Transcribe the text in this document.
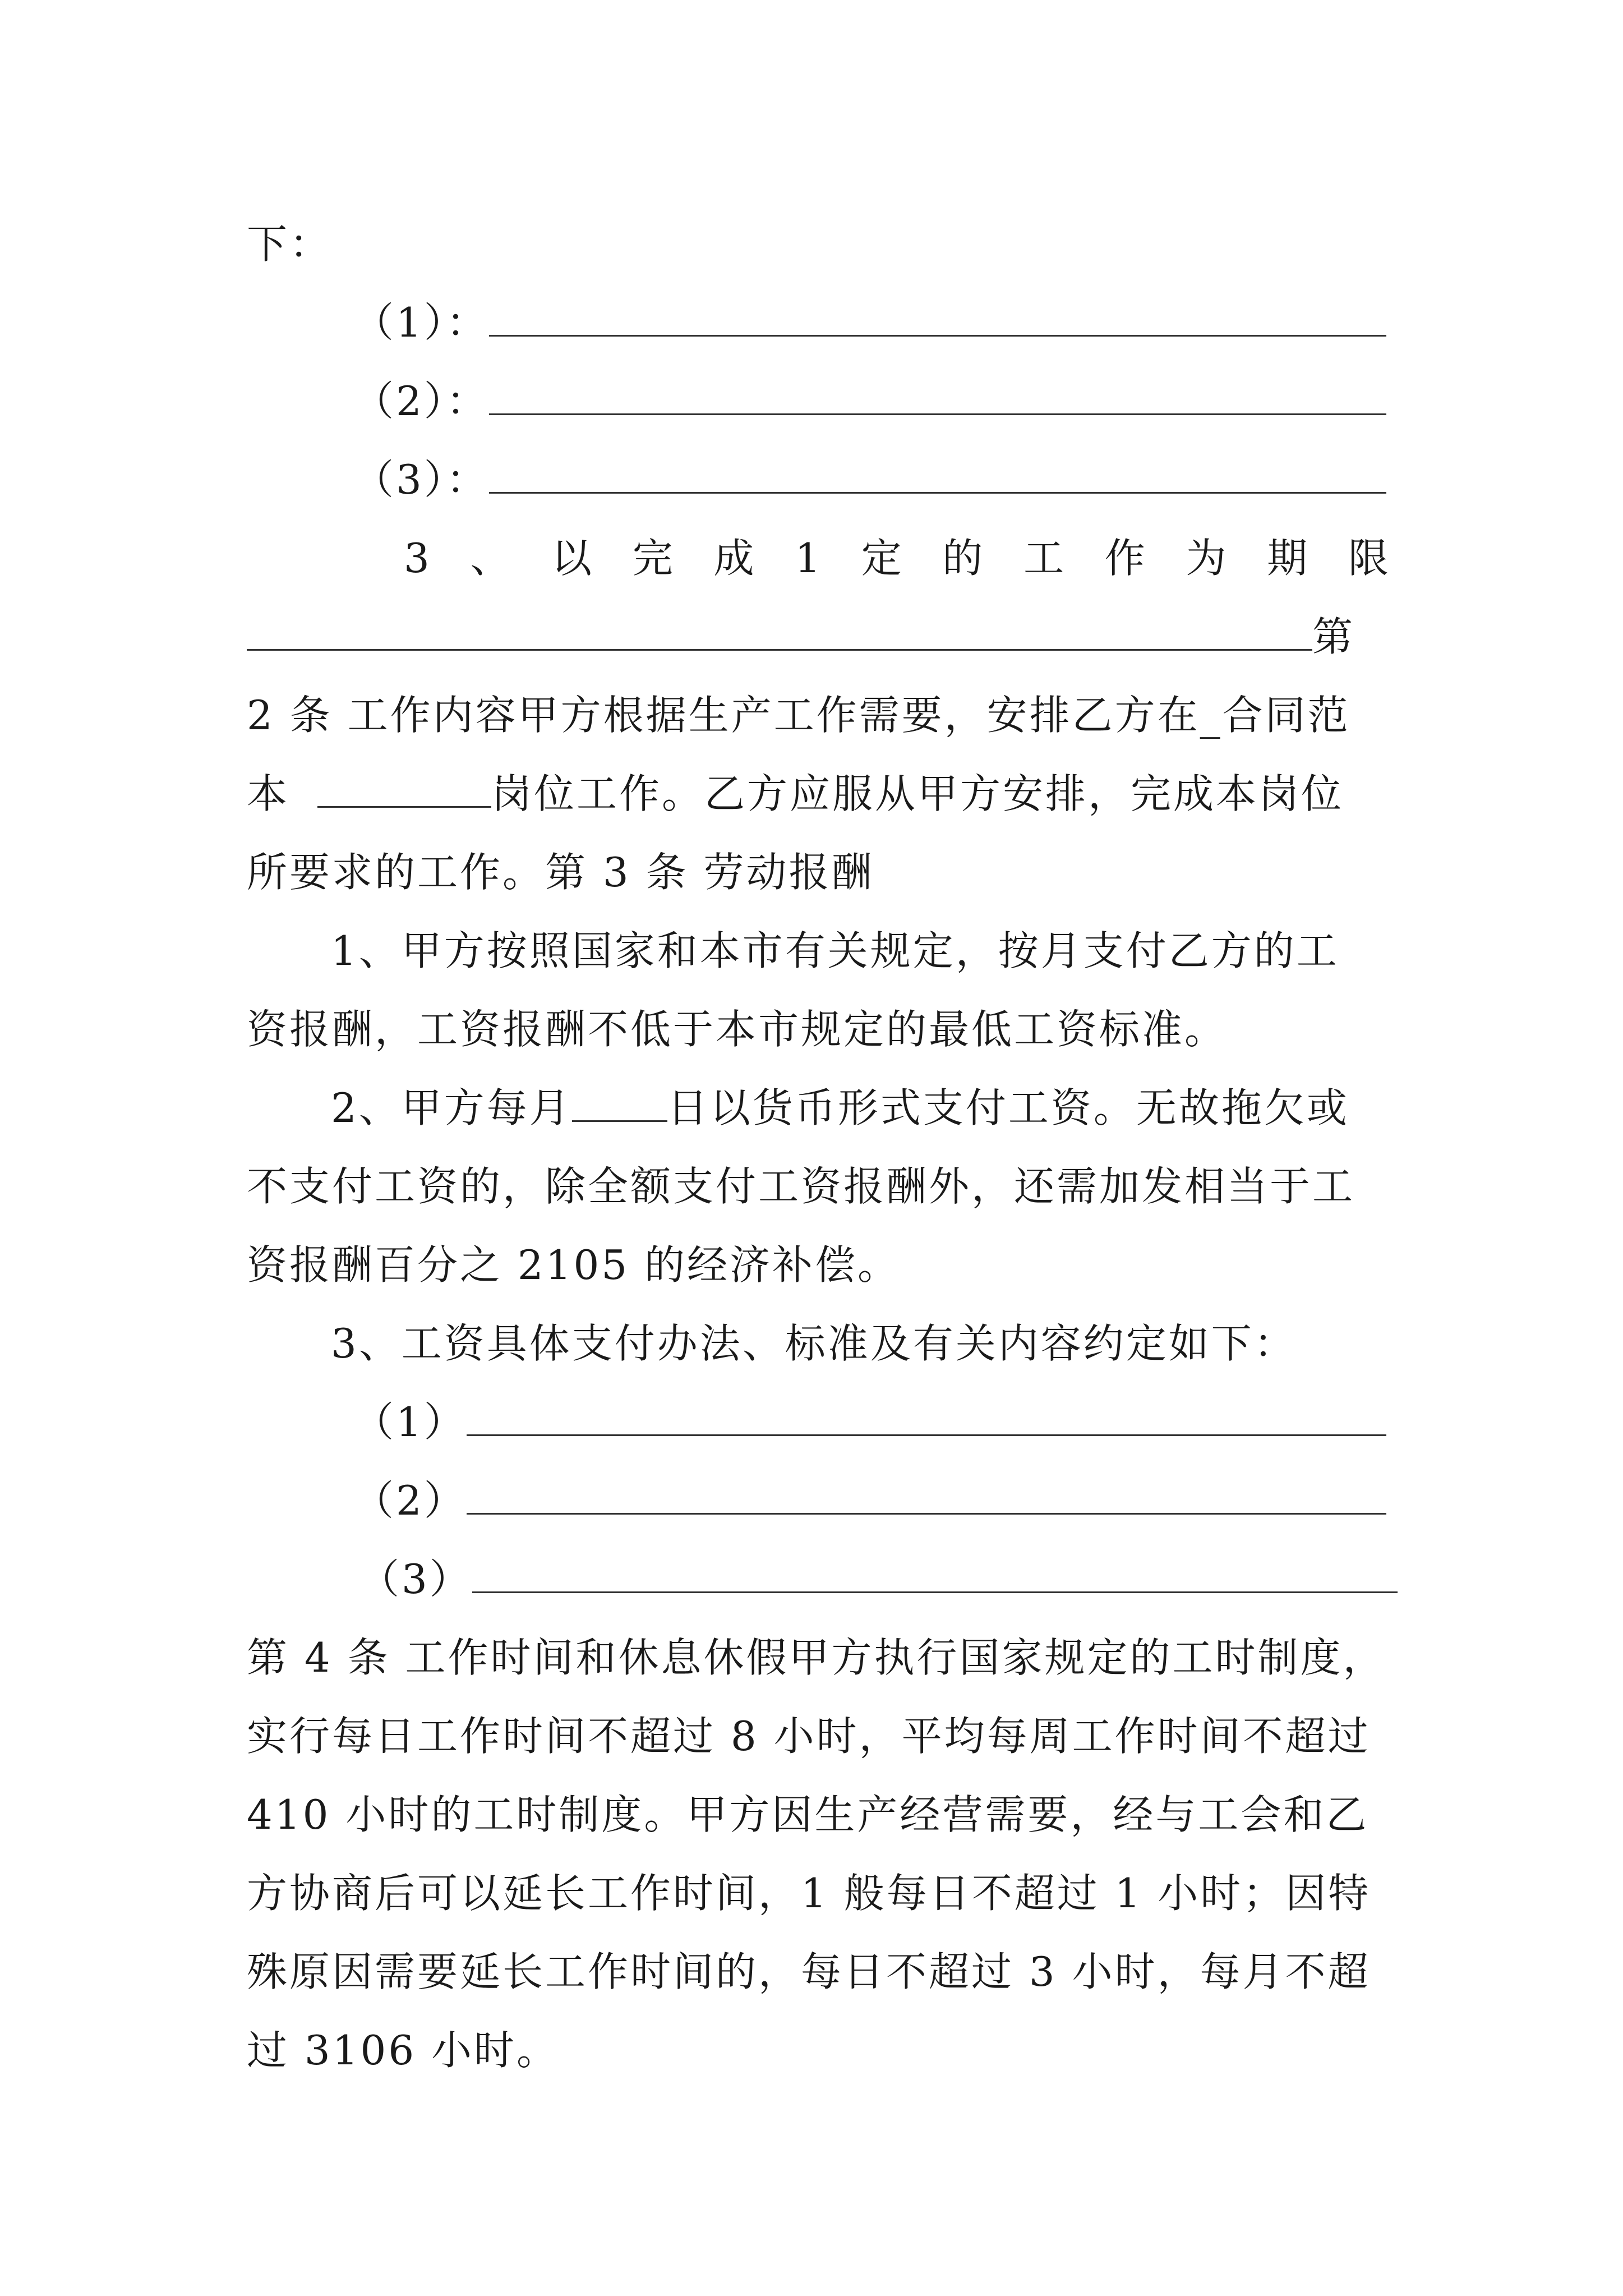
下：
（1）：
（2）：
（3）：
3 、 以 完 成 1 定 的 工 作 为 期 限
第
2 条 工作内容甲方根据生产工作需要，安排乙方在_合同范
本	岗位工作。乙方应服从甲方安排，完成本岗位
所要求的工作。第 3 条 劳动报酬
1、甲方按照国家和本市有关规定，按月支付乙方的工
资报酬，工资报酬不低于本市规定的最低工资标准。
2、甲方每月 日以货币形式支付工资。无故拖欠或
不支付工资的，除全额支付工资报酬外，还需加发相当于工
资报酬百分之 2105 的经济补偿。
3、工资具体支付办法、标准及有关内容约定如下：
（1）
（2）
（3）
第 4 条 工作时间和休息休假甲方执行国家规定的工时制度，
实行每日工作时间不超过 8 小时，平均每周工作时间不超过
410 小时的工时制度。甲方因生产经营需要，经与工会和乙
方协商后可以延长工作时间，1 般每日不超过 1 小时；因特
殊原因需要延长工作时间的，每日不超过 3 小时，每月不超
过 3106 小时。
